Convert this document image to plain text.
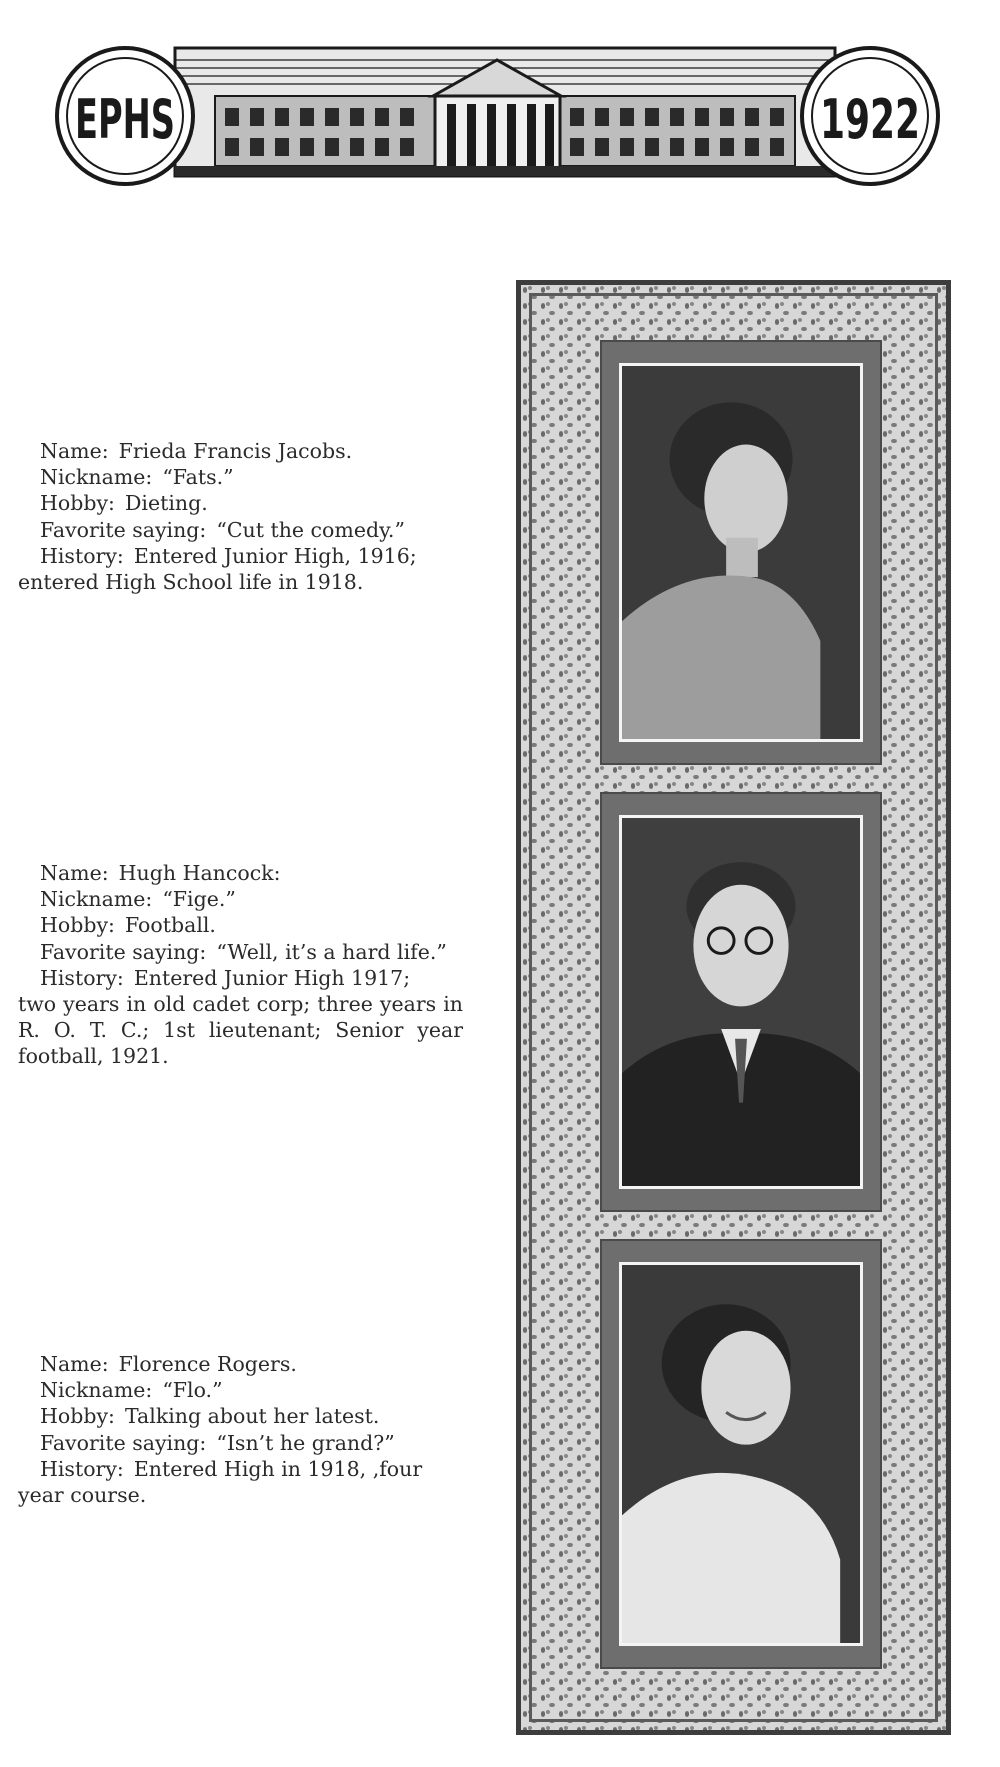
EPHS	1922
Name: Frieda Francis Jacobs.
Nickname: “Fats.”
Hobby: Dieting.
Favorite saying: “Cut the comedy.”
History: Entered Junior High, 1916;
entered High School life in 1918.
Name: Hugh Hancock:
Nickname: “Fige.”
Hobby: Football.
Favorite saying: “Well, it’s a hard life.”
History: Entered Junior High 1917;
two years in old cadet corp; three years in R. O. T. C.; 1st lieutenant; Senior year football, 1921.
Name: Florence Rogers.
Nickname: “Flo.”
Hobby: Talking about her latest.
Favorite saying: “Isn’t he grand?”
History: Entered High in 1918, ,four
year course.
